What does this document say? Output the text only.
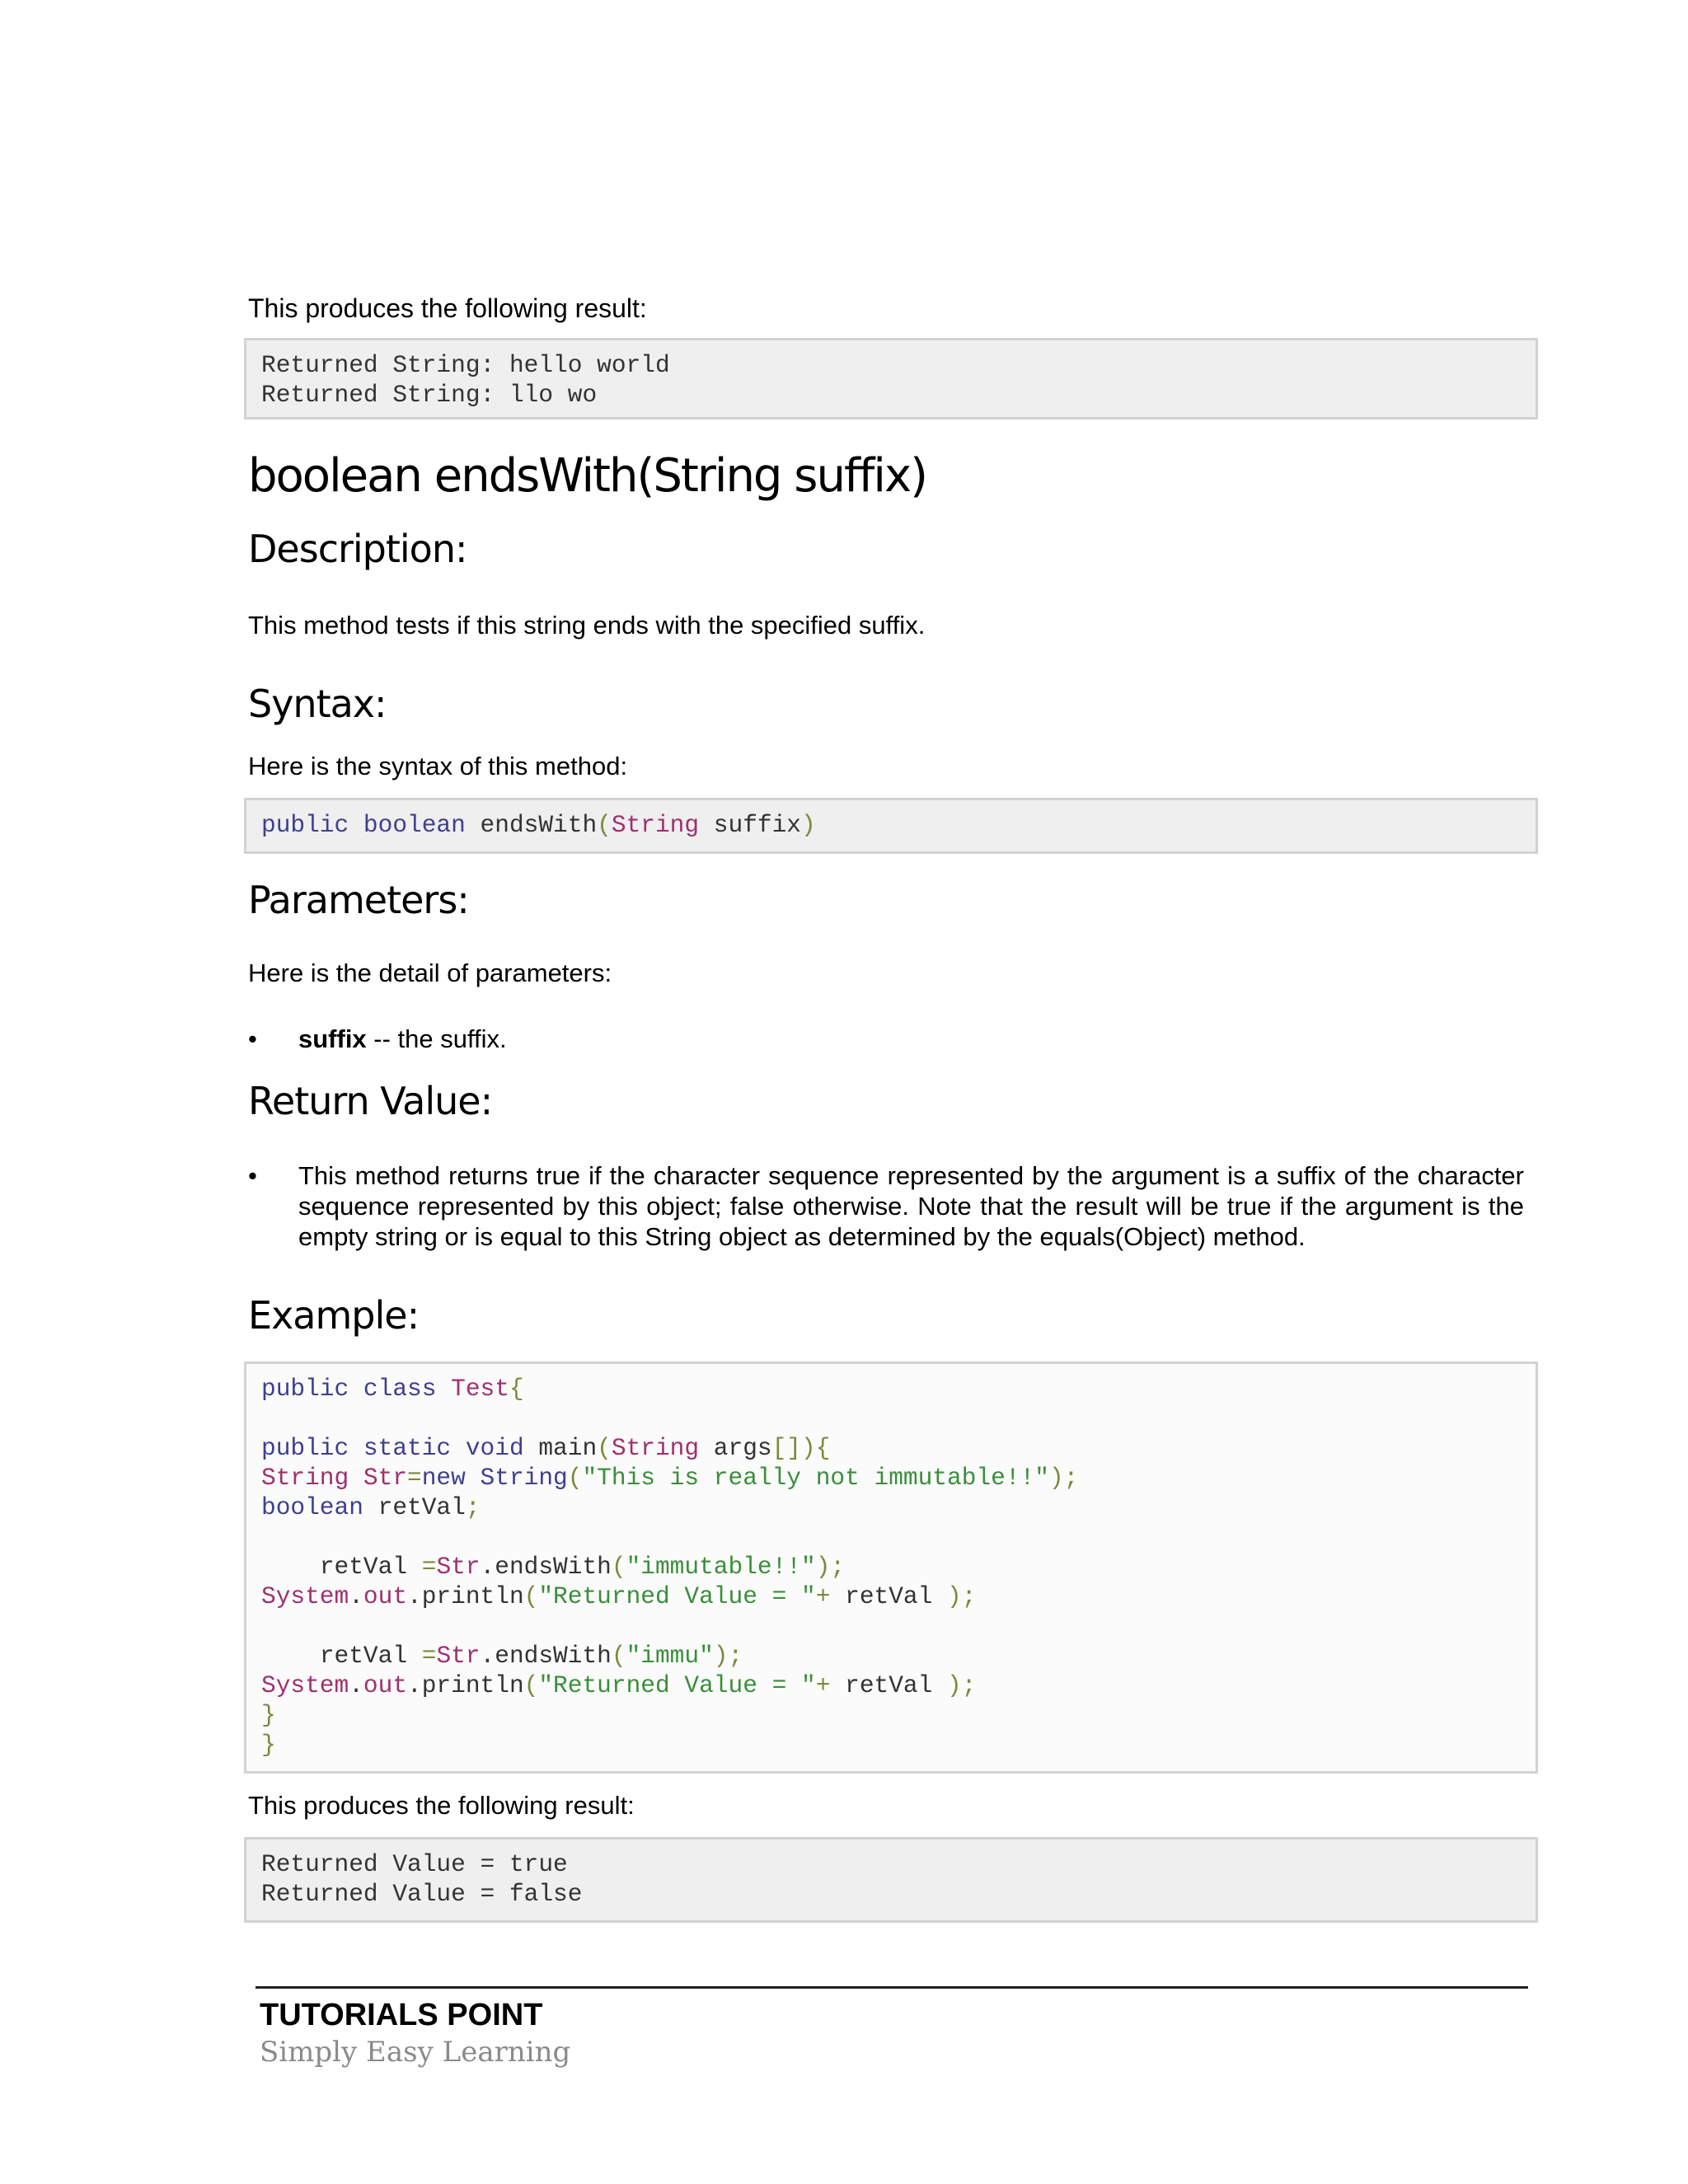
This produces the following result:

Returned String: hello world
Returned String: llo wo
boolean endsWith(String suffix)
Description:

This method tests if this string ends with the specified suffix.

Syntax:

Here is the syntax of this method:

public boolean endsWith(String suffix)
Parameters:

Here is the detail of parameters:

•	suffix -- the suffix.
Return Value:
•	This method returns true if the character sequence represented by the argument is a suffix of the character sequence represented by this object; false otherwise. Note that the result will be true if the argument is the empty string or is equal to this String object as determined by the equals(Object) method.
Example:
public class Test{
public static void main(String args[]){
String Str=new String("This is really not immutable!!");
boolean retVal;
retVal =Str.endsWith("immutable!!");
System.out.println("Returned Value = "+ retVal );
retVal =Str.endsWith("immu");
System.out.println("Returned Value = "+ retVal );
}
}

This produces the following result:

Returned Value = true
Returned Value = false

TUTORIALS POINT

Simply Easy Learning
